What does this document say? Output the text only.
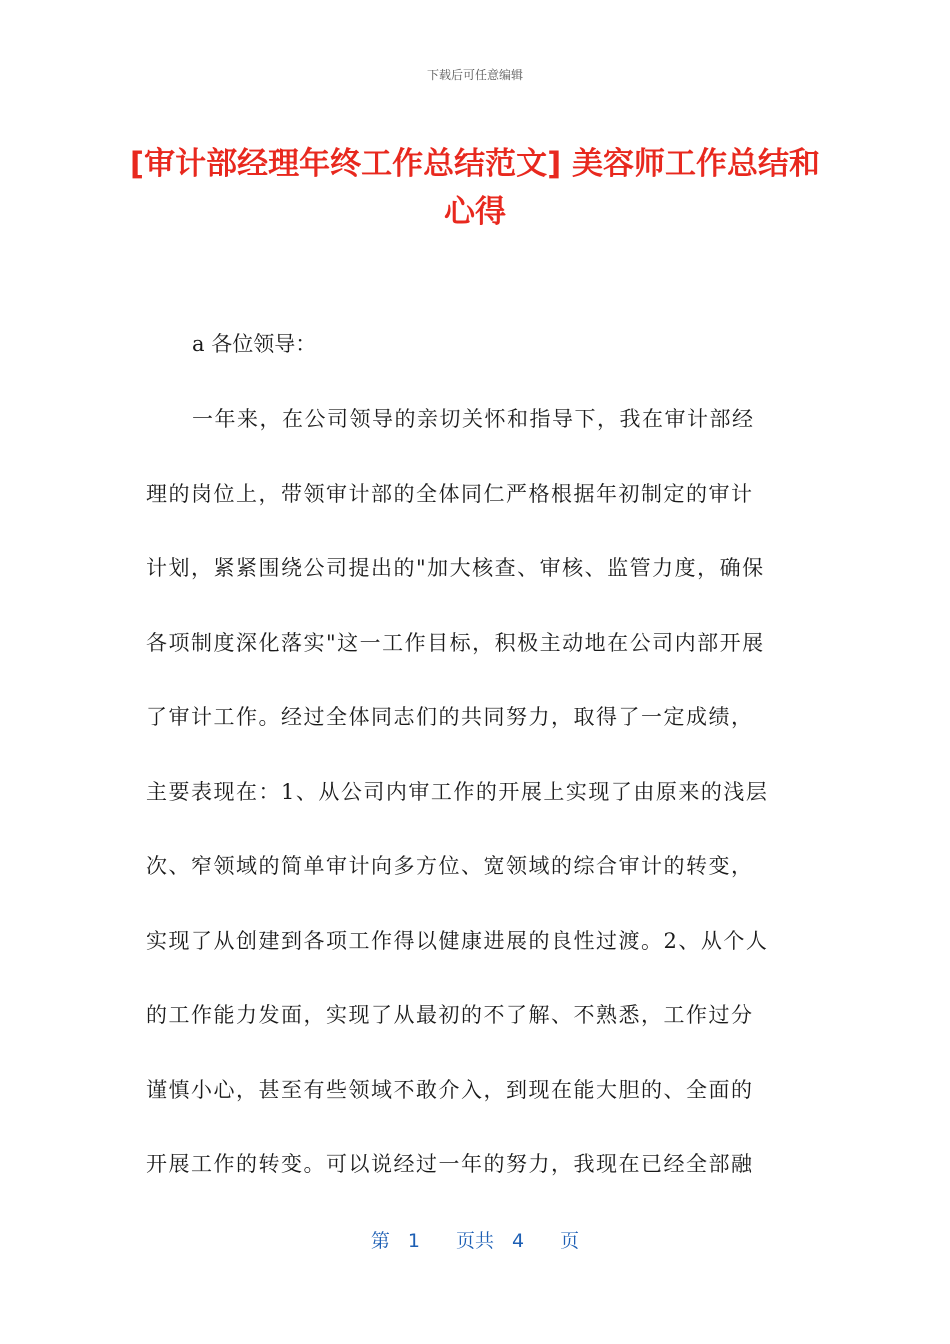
下载后可任意编辑
[审计部经理年终工作总结范文] 美容师工作总结和心得

a 各位领导：

一年来，在公司领导的亲切关怀和指导下，我在审计部经
理的岗位上，带领审计部的全体同仁严格根据年初制定的审计
计划，紧紧围绕公司提出的"加大核查、审核、监管力度，确保
各项制度深化落实"这一工作目标，积极主动地在公司内部开展
了审计工作。经过全体同志们的共同努力，取得了一定成绩，
主要表现在：1、从公司内审工作的开展上实现了由原来的浅层
次、窄领域的简单审计向多方位、宽领域的综合审计的转变，
实现了从创建到各项工作得以健康进展的良性过渡。2、从个人
的工作能力发面，实现了从最初的不了解、不熟悉，工作过分
谨慎小心，甚至有些领域不敢介入，到现在能大胆的、全面的
开展工作的转变。可以说经过一年的努力，我现在已经全部融
第 1 页共 4 页
